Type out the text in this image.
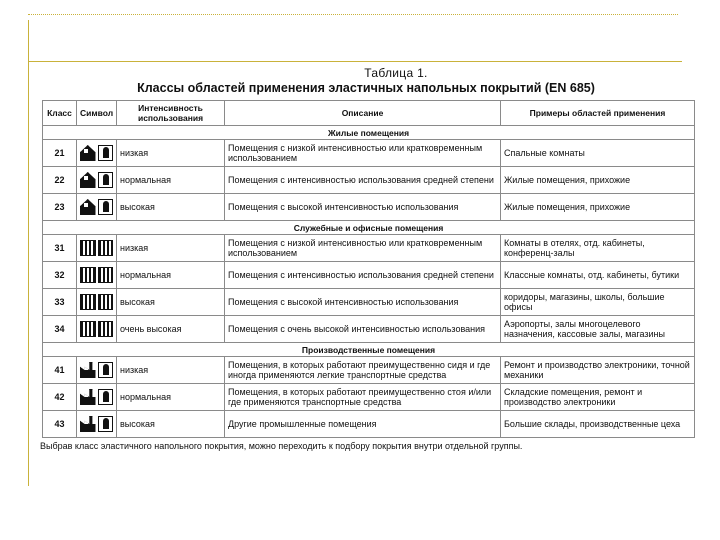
Таблица 1.
Классы областей применения эластичных напольных покрытий (EN 685)
Класс	Символ	Интенсивность использования	Описание	Примеры областей применения
Жилые помещения				
21		низкая	Помещения с низкой интенсивностью или кратковременным использованием	Спальные комнаты
22		нормальная	Помещения с интенсивностью использования средней степени	Жилые помещения, прихожие
23		высокая	Помещения с высокой интенсивностью использования	Жилые помещения, прихожие
Служебные и офисные помещения				
31		низкая	Помещения с низкой интенсивностью или кратковременным использованием	Комнаты в отелях, отд. кабинеты, конференц-залы
32		нормальная	Помещения с интенсивностью использования средней степени	Классные комнаты, отд. кабинеты, бутики
33		высокая	Помещения с высокой интенсивностью использования	коридоры, магазины, школы, большие офисы
34		очень высокая	Помещения с очень высокой интенсивностью использования	Аэропорты, залы многоцелевого назначения, кассовые залы, магазины
Производственные помещения				
41		низкая	Помещения, в которых работают преимущественно сидя и где иногда применяются легкие транспортные средства	Ремонт и производство электроники, точной механики
42		нормальная	Помещения, в которых работают преимущественно стоя и/или где применяются транспортные средства	Складские помещения, ремонт и производство электроники
43		высокая	Другие промышленные помещения	Большие склады, производственные цеха
Выбрав класс эластичного напольного покрытия, можно переходить к подбору покрытия внутри отдельной группы.
